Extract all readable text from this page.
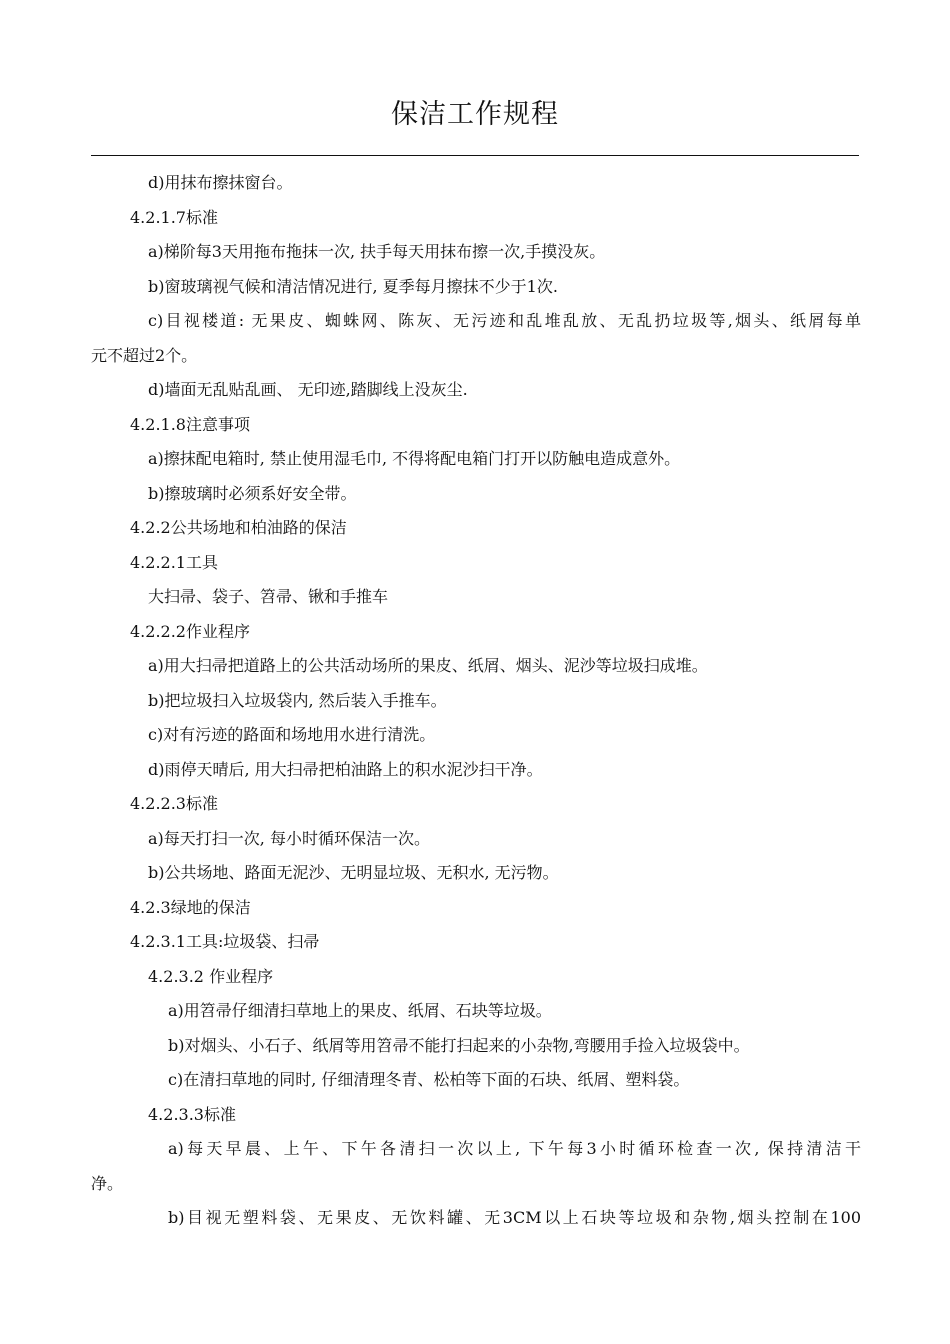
保洁工作规程

d)用抹布擦抹窗台。

4.2.1.7标准

a)梯阶每3天用拖布拖抹一次, 扶手每天用抹布擦一次,手摸没灰。

b)窗玻璃视气候和清洁情况进行, 夏季每月擦抹不少于1次.

c)目视楼道: 无果皮、蜘蛛网、陈灰、无污迹和乱堆乱放、无乱扔垃圾等,烟头、纸屑每单

元不超过2个。

d)墙面无乱贴乱画、 无印迹,踏脚线上没灰尘.

4.2.1.8注意事项

a)擦抹配电箱时, 禁止使用湿毛巾, 不得将配电箱门打开以防触电造成意外。

b)擦玻璃时必须系好安全带。

4.2.2公共场地和柏油路的保洁

4.2.2.1工具

大扫帚、袋子、笤帚、锹和手推车

4.2.2.2作业程序

a)用大扫帚把道路上的公共活动场所的果皮、纸屑、烟头、泥沙等垃圾扫成堆。

b)把垃圾扫入垃圾袋内, 然后装入手推车。

c)对有污迹的路面和场地用水进行清洗。

d)雨停天晴后, 用大扫帚把柏油路上的积水泥沙扫干净。

4.2.2.3标准

a)每天打扫一次, 每小时循环保洁一次。

b)公共场地、路面无泥沙、无明显垃圾、无积水, 无污物。

4.2.3绿地的保洁

4.2.3.1工具:垃圾袋、扫帚

4.2.3.2 作业程序

a)用笤帚仔细清扫草地上的果皮、纸屑、石块等垃圾。

b)对烟头、小石子、纸屑等用笤帚不能打扫起来的小杂物,弯腰用手捡入垃圾袋中。

c)在清扫草地的同时, 仔细清理冬青、松柏等下面的石块、纸屑、塑料袋。

4.2.3.3标准

a)每天早晨、上午、下午各清扫一次以上, 下午每3小时循环检查一次, 保持清洁干

净。

b)目视无塑料袋、无果皮、无饮料罐、无3CM以上石块等垃圾和杂物,烟头控制在100
